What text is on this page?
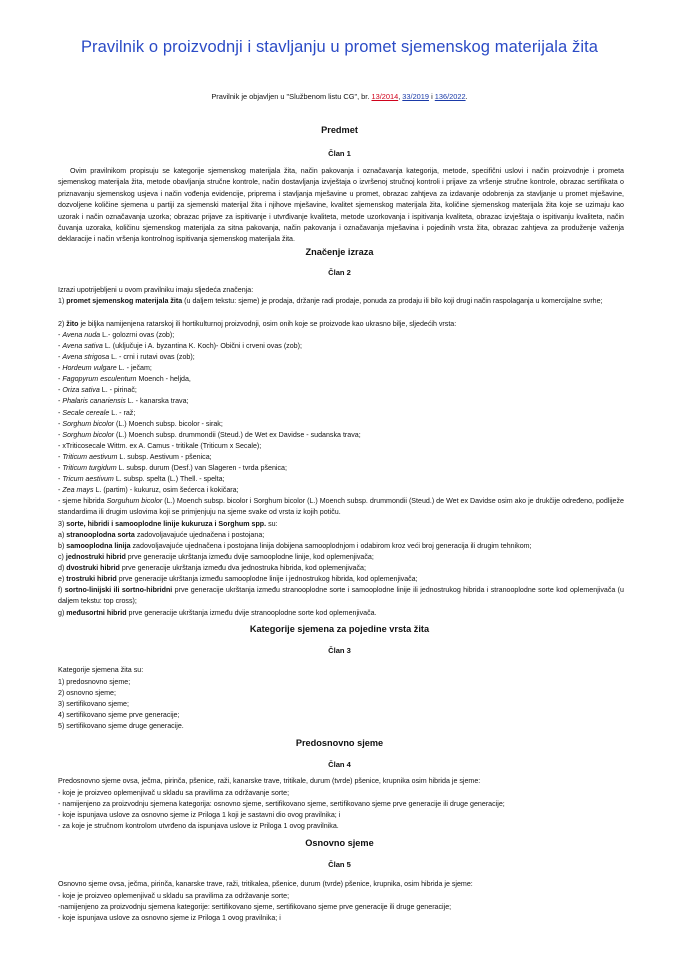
Pravilnik o proizvodnji i stavljanju u promet sjemenskog materijala žita
Pravilnik je objavljen u "Službenom listu CG", br. 13/2014, 33/2019 i 136/2022.
Predmet
Član 1

Ovim pravilnikom propisuju se kategorije sjemenskog materijala žita, način pakovanja i označavanja kategorija, metode, specifični uslovi i način proizvodnje i prometa sjemenskog materijala žita, metode obavljanja stručne kontrole, način dostavljanja izvještaja o izvršenoj stručnoj kontroli i prijave za vršenje stručne kontrole, obrazac sertifikata o priznavanju sjemenskog usjeva i način vođenja evidencije, pripremа i stavljanja mješavine u promet, obrazac zahtjeva za izdavanje odobrenja za stavljanje u promet mješavine, dozvoljene količine sjemena u partiji za sjemenski materijal žita i njihove mješavine, kvalitet sjemenskog materijala žita, količine sjemenskog materijala žita koje se uzimaju kao uzorak i način označavanja uzorka; obrazac prijave za ispitivanje i utvrđivanje kvaliteta, metode uzorkovanja i ispitivanja kvaliteta, obrazac izvještaja o ispitivanju kvaliteta, način čuvanja uzoraka, količinu sjemenskog materijala za sitna pakovanja, način pakovanja i označavanja mješavina i pojedinih vrsta žita, obrazac zahtjeva za produženje važenja deklaracije i način vršenja kontrolnog ispitivanja sjemenskog materijala žita.

Značenje izraza
Član 2

Izrazi upotrijebljeni u ovom pravilniku imaju sljedeća značenja:

1) promet sjemenskog materijala žita (u daljem tekstu: sjeme) je prodaja, držanje radi prodaje, ponuda za prodaju ili bilo koji drugi način raspolaganja u komercijalne svrhe;

2) žito je biljka namijenjena ratarskoj ili hortikulturnoj proizvodnji, osim onih koje se proizvode kao ukrasno bilje, sljedećih vrsta:

- Avena nuda L.- golozrni ovas (zob);

- Avena sativa L. (uključuje i A. byzantina K. Koch)- Obični i crveni ovas (zob);

- Avena strigosa L. - crni i rutavi ovas (zob);

- Hordeum vulgare L. - ječam;

- Fagopyrum esculentum Moench - heljda,

- Oriza sativa L. - pirinač;

- Phalaris canariensis L. - kanarska trava;

- Secale cereale L. - raž;

- Sorghum bicolor (L.) Moench subsp. bicolor - sirak;

- Sorghum bicolor (L.) Moench subsp. drummondii (Steud.) de Wet ex Davidse - sudanska trava;

- xTriticosecale Wittm. ex A. Camus - tritikale (Triticum x Secale);

- Triticum aestivum L. subsp. Aestivum - pšenica;

- Triticum turgidum L. subsp. durum (Desf.) van Slageren - tvrda pšenica;

- Tricum aestivum L. subsp. spelta (L.) Thell. - spelta;

- Zea mays L. (partim) - kukuruz, osim šećerca i kokičara;

- sjeme hibrida Sorguhum bicolor (L.) Moench subsp. bicolor i Sorghum bicolor (L.) Moench subsp. drummondii (Steud.) de Wet ex Davidse osim ako je drukčije određeno, podliježe standardima ili drugim uslovima koji se primjenjuju na sjeme svake od vrsta iz kojih potiču.

3) sorte, hibridi i samooplodne linije kukuruza i Sorghum spp. su:

a) stranooplodna sorta zadovoljavajuće ujednačena i postojana;

b) samooplodna linija zadovoljavajuće ujednačena i postojana linija dobijena samooplodnjom i odabirom kroz veći broj generacija ili drugim tehnikom;

c) jednostruki hibrid prve generacije ukrštanja između dvije samooplodne linije, kod oplemenjivača;

d) dvostruki hibrid prve generacije ukrštanja između dva jednostruka hibrida, kod oplemenjivača;

e) trostruki hibrid prve generacije ukrštanja između samooplodne linije i jednostrukog hibrida, kod oplemenjivača;

f) sortno-linijski ili sortno-hibridni prve generacije ukrštanja između stranooplodne sorte i samooplodne linije ili jednostrukog hibrida i stranooplodne sorte kod oplemenjivača (u daljem tekstu: top cross);

g) međusortni hibrid prve generacije ukrštanja između dvije stranooplodne sorte kod oplemenjivača.

Kategorije sjemena za pojedine vrsta žita
Član 3

Kategorije sjemena žita su:

1) predosnovno sjeme;

2) osnovno sjeme;

3) sertifikovano sjeme;

4) sertifikovano sjeme prve generacije;

5) sertifikovano sjeme druge generacije.

Predosnovno sjeme
Član 4

Predosnovno sjeme ovsa, ječma, pirinča, pšenice, raži, kanarske trave, tritikale, durum (tvrde) pšenice, krupnika osim hibrida je sjeme:

- koje je proizvео oplemenjivač u skladu sa pravilima za održavanje sorte;

- namijenjeno za proizvodnju sjemena kategorija: osnovno sjeme, sertifikovano sjeme, sertifikovano sjeme prve generacije ili druge generacije;

- koje ispunjava uslove za osnovno sjeme iz Priloga 1 koji je sastavni dio ovog pravilnika; i

- za koje je stručnom kontrolom utvrđeno da ispunjava uslove iz Priloga 1 ovog pravilnika.

Osnovno sjeme
Član 5

Osnovno sjeme ovsa, ječma, pirinča, kanarske trave, raži, tritikalea, pšenice, durum (tvrde) pšenice, krupnika, osim hibrida je sjeme:

- koje je proizveo oplemenjivač u skladu sa pravilima za održavanje sorte;

-namijenjeno za proizvodnju sjemena kategorije: sertifikovano sjeme, sertifikovano sjeme prve generacije ili druge generacije;

- koje ispunjava uslove za osnovno sjeme iz Priloga 1 ovog pravilnika; i
